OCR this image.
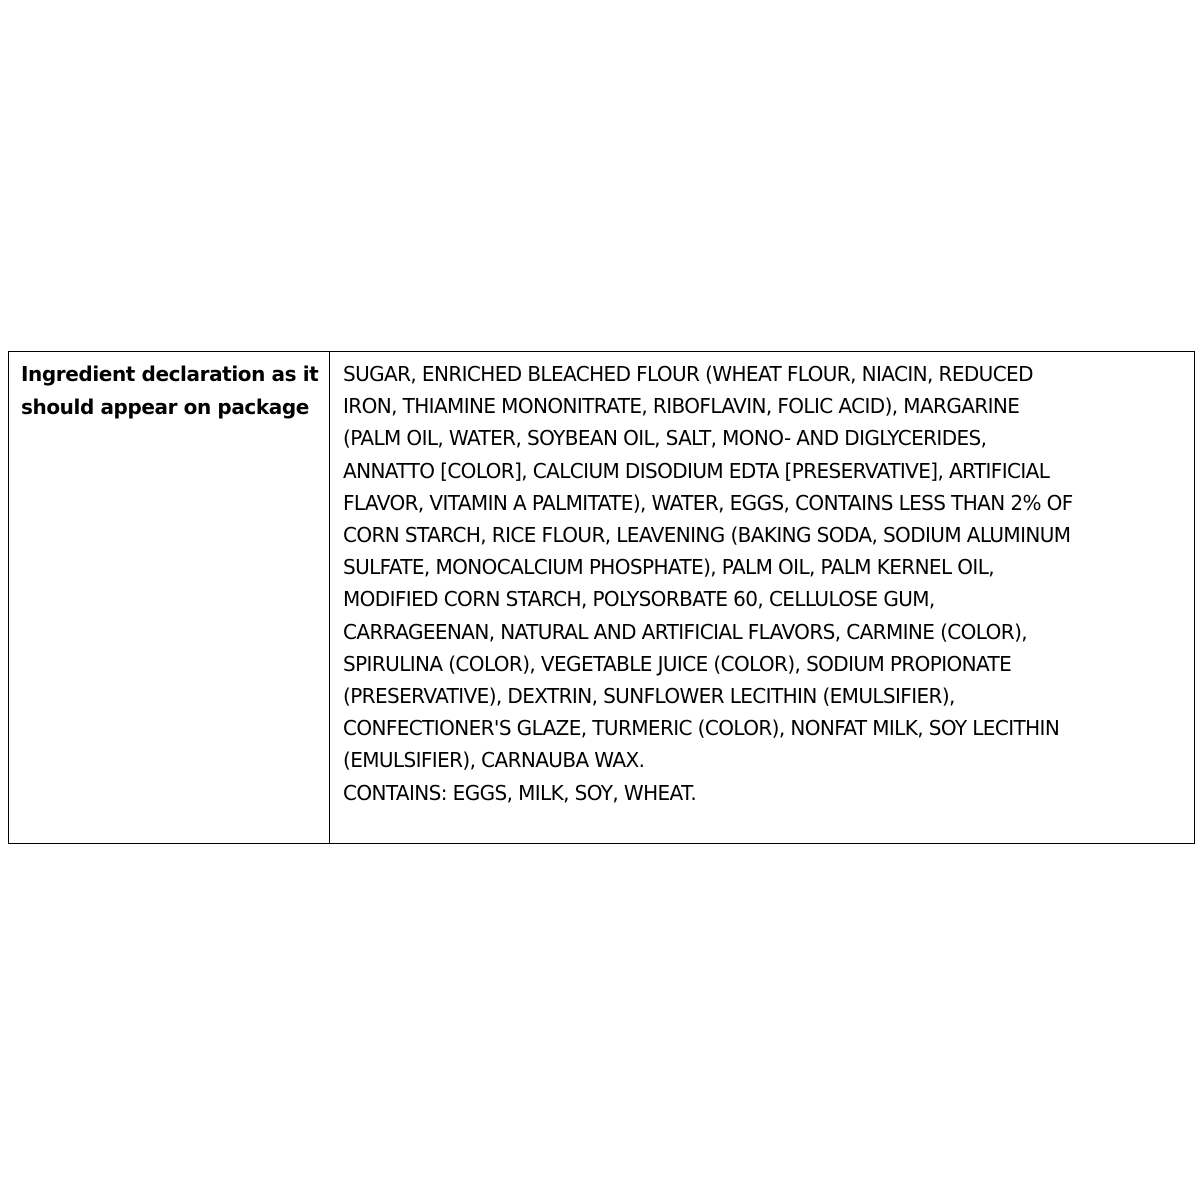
Ingredient declaration as it
should appear on package

SUGAR, ENRICHED BLEACHED FLOUR (WHEAT FLOUR, NIACIN, REDUCED
IRON, THIAMINE MONONITRATE, RIBOFLAVIN, FOLIC ACID), MARGARINE
(PALM OIL, WATER, SOYBEAN OIL, SALT, MONO- AND DIGLYCERIDES,
ANNATTO [COLOR], CALCIUM DISODIUM EDTA [PRESERVATIVE], ARTIFICIAL
FLAVOR, VITAMIN A PALMITATE), WATER, EGGS, CONTAINS LESS THAN 2% OF
CORN STARCH, RICE FLOUR, LEAVENING (BAKING SODA, SODIUM ALUMINUM
SULFATE, MONOCALCIUM PHOSPHATE), PALM OIL, PALM KERNEL OIL,
MODIFIED CORN STARCH, POLYSORBATE 60, CELLULOSE GUM,
CARRAGEENAN, NATURAL AND ARTIFICIAL FLAVORS, CARMINE (COLOR),
SPIRULINA (COLOR), VEGETABLE JUICE (COLOR), SODIUM PROPIONATE
(PRESERVATIVE), DEXTRIN, SUNFLOWER LECITHIN (EMULSIFIER),
CONFECTIONER'S GLAZE, TURMERIC (COLOR), NONFAT MILK, SOY LECITHIN
(EMULSIFIER), CARNAUBA WAX.
CONTAINS: EGGS, MILK, SOY, WHEAT.
